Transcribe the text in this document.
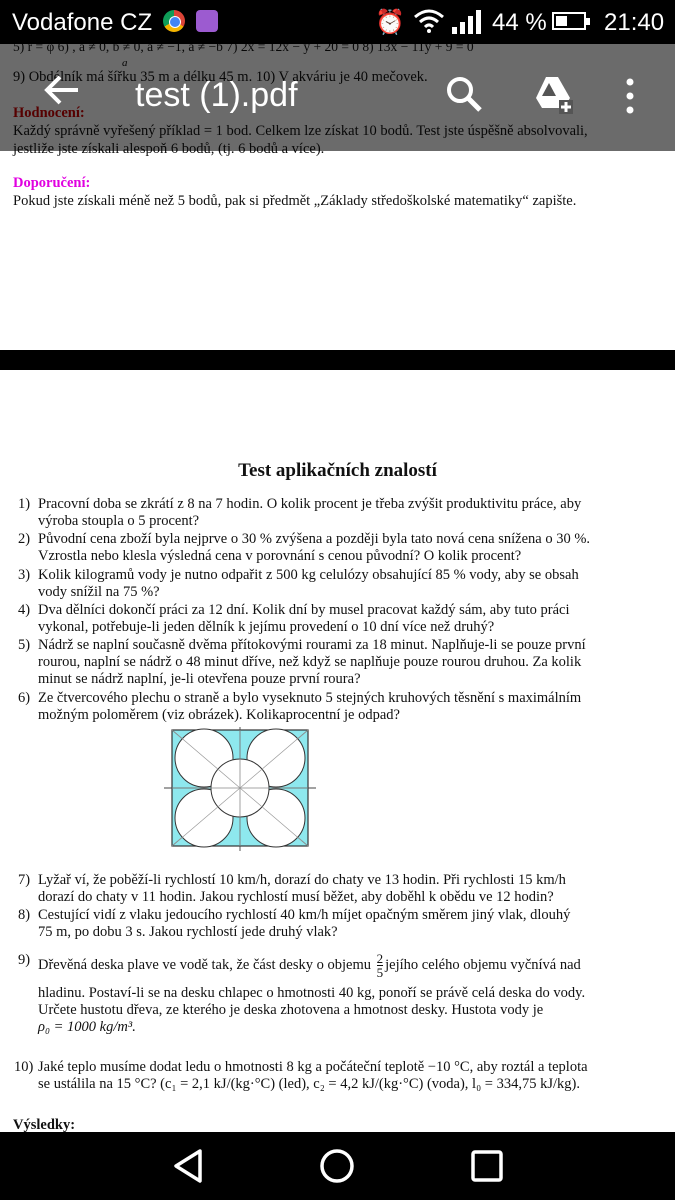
Doporučení:
Pokud jste získali méně než 5 bodů, pak si předmět „Základy středoškolské matematiky“ zapište.
Test aplikačních znalostí
1) Pracovní doba se zkrátí z 8 na 7 hodin. O kolik procent je třeba zvýšit produktivitu práce, aby
výroba stoupla o 5 procent?
2) Původní cena zboží byla nejprve o 30 % zvýšena a později byla tato nová cena snížena o 30 %.
Vzrostla nebo klesla výsledná cena v porovnání s cenou původní? O kolik procent?
3) Kolik kilogramů vody je nutno odpařit z 500 kg celulózy obsahující 85 % vody, aby se obsah
vody snížil na 75 %?
4) Dva dělníci dokončí práci za 12 dní. Kolik dní by musel pracovat každý sám, aby tuto práci
vykonal, potřebuje-li jeden dělník k jejímu provedení o 10 dní více než druhý?
5) Nádrž se naplní současně dvěma přítokovými rourami za 18 minut. Naplňuje-li se pouze první
rourou, naplní se nádrž o 48 minut dříve, než když se naplňuje pouze rourou druhou. Za kolik
minut se nádrž naplní, je-li otevřena pouze první roura?
6) Ze čtvercového plechu o straně a bylo vyseknuto 5 stejných kruhových těsnění s maximálním
možným poloměrem (viz obrázek). Kolikaprocentní je odpad?
7) Lyžař ví, že poběží-li rychlostí 10 km/h, dorazí do chaty ve 13 hodin. Při rychlosti 15 km/h
dorazí do chaty v 11 hodin. Jakou rychlostí musí běžet, aby doběhl k obědu ve 12 hodin?
8) Cestující vidí z vlaku jedoucího rychlostí 40 km/h míjet opačným směrem jiný vlak, dlouhý
75 m, po dobu 3 s. Jakou rychlostí jede druhý vlak?
9) Dřevěná deska plave ve vodě tak, že část desky o objemu $\frac{2}{5}$ jejího celého objemu vyčnívá nad
hladinu. Postaví-li se na desku chlapec o hmotnosti 40 kg, ponoří se právě celá deska do vody.
Určete hustotu dřeva, ze kterého je deska zhotovena a hmotnost desky. Hustota vody je
ρ₀ = 1000 kg/m³.
10) Jaké teplo musíme dodat ledu o hmotnosti 8 kg a počáteční teplotě −10 °C, aby roztál a teplota
se ustálila na 15 °C? (c₁ = 2,1 kJ/(kg·°C) (led), c₂ = 4,2 kJ/(kg·°C) (voda), l₀ = 334,75 kJ/kg).
Výsledky:
Vodafone CZ	⏰	44 % 21:40
test (1).pdf
